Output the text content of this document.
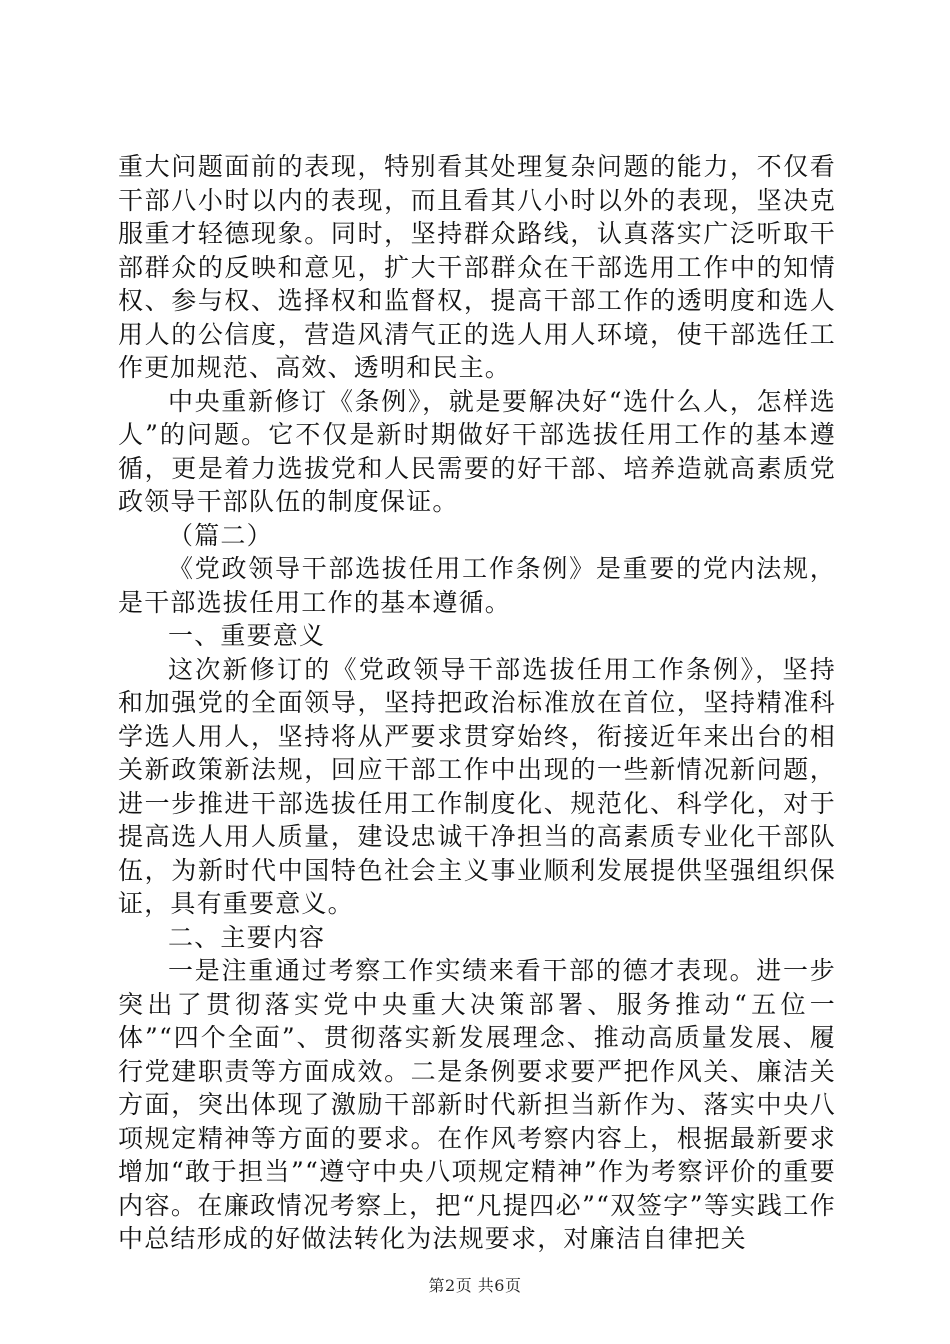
重大问题面前的表现，特别看其处理复杂问题的能力，不仅看干部八小时以内的表现，而且看其八小时以外的表现，坚决克服重才轻德现象。同时，坚持群众路线，认真落实广泛听取干部群众的反映和意见，扩大干部群众在干部选用工作中的知情权、参与权、选择权和监督权，提高干部工作的透明度和选人用人的公信度，营造风清气正的选人用人环境，使干部选任工作更加规范、高效、透明和民主。

中央重新修订《条例》，就是要解决好“选什么人，怎样选人”的问题。它不仅是新时期做好干部选拔任用工作的基本遵循，更是着力选拔党和人民需要的好干部、培养造就高素质党政领导干部队伍的制度保证。

（篇二）

《党政领导干部选拔任用工作条例》是重要的党内法规，是干部选拔任用工作的基本遵循。

一、重要意义

这次新修订的《党政领导干部选拔任用工作条例》，坚持和加强党的全面领导，坚持把政治标准放在首位，坚持精准科学选人用人，坚持将从严要求贯穿始终，衔接近年来出台的相关新政策新法规，回应干部工作中出现的一些新情况新问题，进一步推进干部选拔任用工作制度化、规范化、科学化，对于提高选人用人质量，建设忠诚干净担当的高素质专业化干部队伍，为新时代中国特色社会主义事业顺利发展提供坚强组织保证，具有重要意义。

二、主要内容

一是注重通过考察工作实绩来看干部的德才表现。进一步突出了贯彻落实党中央重大决策部署、服务推动“五位一体”“四个全面”、贯彻落实新发展理念、推动高质量发展、履行党建职责等方面成效。二是条例要求要严把作风关、廉洁关方面，突出体现了激励干部新时代新担当新作为、落实中央八项规定精神等方面的要求。在作风考察内容上，根据最新要求增加“敢于担当”“遵守中央八项规定精神”作为考察评价的重要内容。在廉政情况考察上，把“凡提四必”“双签字”等实践工作中总结形成的好做法转化为法规要求，对廉洁自律把关

第2页 共6页
